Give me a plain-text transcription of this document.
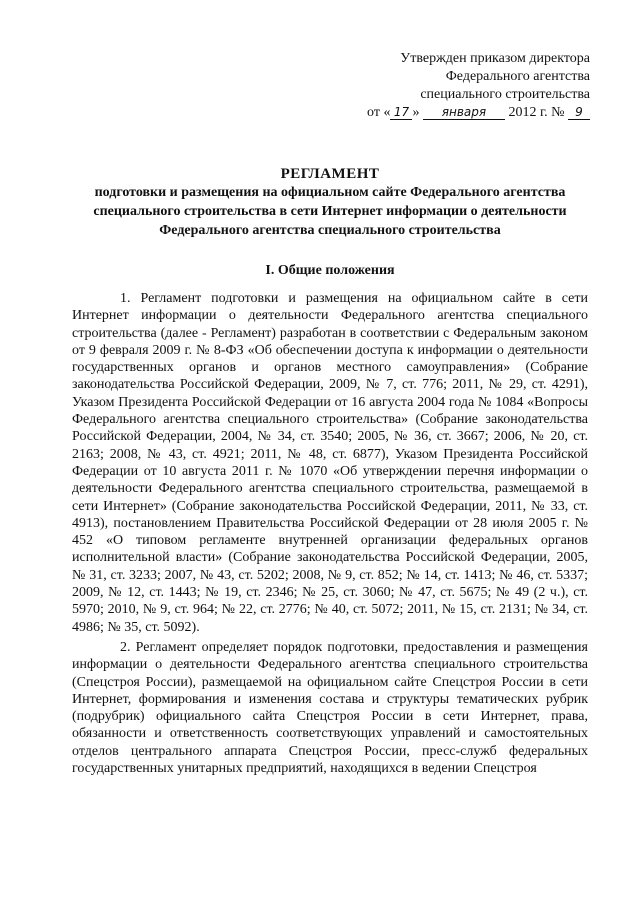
Утвержден приказом директора
Федерального агентства
специального строительства
от « 17 » января 2012 г. № 9
РЕГЛАМЕНТ
подготовки и размещения на официальном сайте Федерального агентства специального строительства в сети Интернет информации о деятельности Федерального агентства специального строительства
I. Общие положения

1. Регламент подготовки и размещения на официальном сайте в сети Интернет информации о деятельности Федерального агентства специального строительства (далее - Регламент) разработан в соответствии с Федеральным законом от 9 февраля 2009 г. № 8-ФЗ «Об обеспечении доступа к информации о деятельности государственных органов и органов местного самоуправления» (Собрание законодательства Российской Федерации, 2009, № 7, ст. 776; 2011, № 29, ст. 4291), Указом Президента Российской Федерации от 16 августа 2004 года № 1084 «Вопросы Федерального агентства специального строительства» (Собрание законодательства Российской Федерации, 2004, № 34, ст. 3540; 2005, № 36, ст. 3667; 2006, № 20, ст. 2163; 2008, № 43, ст. 4921; 2011, № 48, ст. 6877), Указом Президента Российской Федерации от 10 августа 2011 г. № 1070 «Об утверждении перечня информации о деятельности Федерального агентства специального строительства, размещаемой в сети Интернет» (Собрание законодательства Российской Федерации, 2011, № 33, ст. 4913), постановлением Правительства Российской Федерации от 28 июля 2005 г. № 452 «О типовом регламенте внутренней организации федеральных органов исполнительной власти» (Собрание законодательства Российской Федерации, 2005, № 31, ст. 3233; 2007, № 43, ст. 5202; 2008, № 9, ст. 852; № 14, ст. 1413; № 46, ст. 5337; 2009, № 12, ст. 1443; № 19, ст. 2346; № 25, ст. 3060; № 47, ст. 5675; № 49 (2 ч.), ст. 5970; 2010, № 9, ст. 964; № 22, ст. 2776; № 40, ст. 5072; 2011, № 15, ст. 2131; № 34, ст. 4986; № 35, ст. 5092).

2. Регламент определяет порядок подготовки, предоставления и размещения информации о деятельности Федерального агентства специального строительства (Спецстроя России), размещаемой на официальном сайте Спецстроя России в сети Интернет, формирования и изменения состава и структуры тематических рубрик (подрубрик) официального сайта Спецстроя России в сети Интернет, права, обязанности и ответственность соответствующих управлений и самостоятельных отделов центрального аппарата Спецстроя России, пресс-служб федеральных государственных унитарных предприятий, находящихся в ведении Спецстроя
